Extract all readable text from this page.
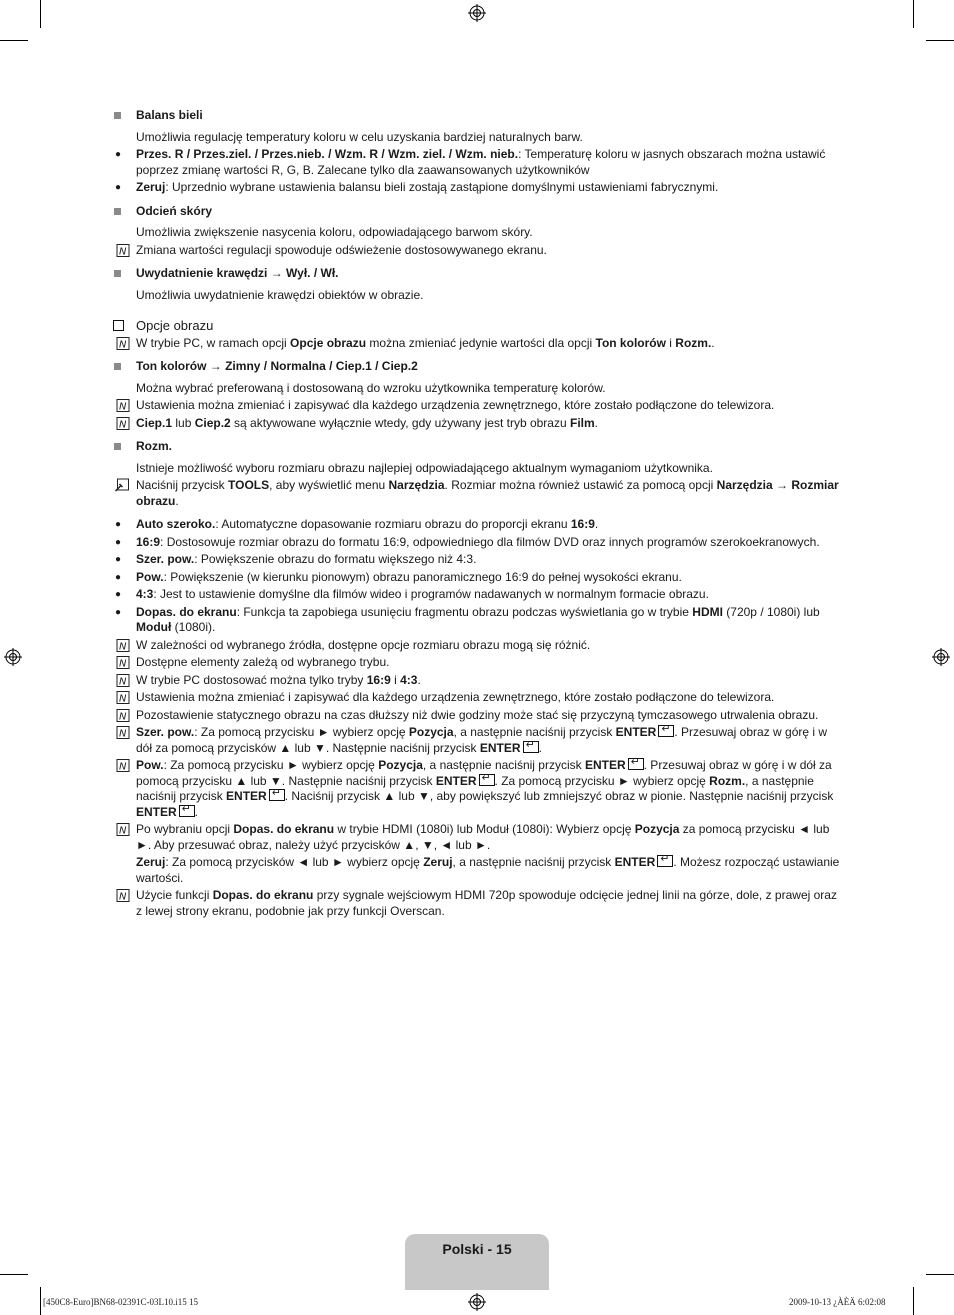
Balans bieli
Umożliwia regulację temperatury koloru w celu uzyskania bardziej naturalnych barw.
●	Przes. R / Przes.ziel. / Przes.nieb. / Wzm. R / Wzm. ziel. / Wzm. nieb.: Temperaturę koloru w jasnych obszarach można ustawić poprzez zmianę wartości R, G, B. Zalecane tylko dla zaawansowanych użytkowników
●	Zeruj: Uprzednio wybrane ustawienia balansu bieli zostają zastąpione domyślnymi ustawieniami fabrycznymi.
Odcień skóry
Umożliwia zwiększenie nasycenia koloru, odpowiadającego barwom skóry.
N Zmiana wartości regulacji spowoduje odświeżenie dostosowywanego ekranu.
Uwydatnienie krawędzi → Wył. / Wł.
Umożliwia uwydatnienie krawędzi obiektów w obrazie.
Opcje obrazu
N W trybie PC, w ramach opcji Opcje obrazu można zmieniać jedynie wartości dla opcji Ton kolorów i Rozm..
Ton kolorów → Zimny / Normalna / Ciep.1 / Ciep.2
Można wybrać preferowaną i dostosowaną do wzroku użytkownika temperaturę kolorów.
N Ustawienia można zmieniać i zapisywać dla każdego urządzenia zewnętrznego, które zostało podłączone do telewizora.
N Ciep.1 lub Ciep.2 są aktywowane wyłącznie wtedy, gdy używany jest tryb obrazu Film.
Rozm.
Istnieje możliwość wyboru rozmiaru obrazu najlepiej odpowiadającego aktualnym wymaganiom użytkownika.
Naciśnij przycisk TOOLS, aby wyświetlić menu Narzędzia. Rozmiar można również ustawić za pomocą opcji Narzędzia → Rozmiar obrazu.
●	Auto szeroko.: Automatyczne dopasowanie rozmiaru obrazu do proporcji ekranu 16:9.
●	16:9: Dostosowuje rozmiar obrazu do formatu 16:9, odpowiedniego dla filmów DVD oraz innych programów szerokoekranowych.
●	Szer. pow.: Powiększenie obrazu do formatu większego niż 4:3.
●	Pow.: Powiększenie (w kierunku pionowym) obrazu panoramicznego 16:9 do pełnej wysokości ekranu.
●	4:3: Jest to ustawienie domyślne dla filmów wideo i programów nadawanych w normalnym formacie obrazu.
●	Dopas. do ekranu: Funkcja ta zapobiega usunięciu fragmentu obrazu podczas wyświetlania go w trybie HDMI (720p / 1080i) lub Moduł (1080i).
N W zależności od wybranego źródła, dostępne opcje rozmiaru obrazu mogą się różnić.
N Dostępne elementy zależą od wybranego trybu.
N W trybie PC dostosować można tylko tryby 16:9 i 4:3.
N Ustawienia można zmieniać i zapisywać dla każdego urządzenia zewnętrznego, które zostało podłączone do telewizora.
N Pozostawienie statycznego obrazu na czas dłuższy niż dwie godziny może stać się przyczyną tymczasowego utrwalenia obrazu.
N Szer. pow.: Za pomocą przycisku ► wybierz opcję Pozycja, a następnie naciśnij przycisk ENTER ↵ . Przesuwaj obraz w górę i w dół za pomocą przycisków ▲ lub ▼. Następnie naciśnij przycisk ENTER ↵ .
N Pow.: Za pomocą przycisku ► wybierz opcję Pozycja, a następnie naciśnij przycisk ENTER ↵ . Przesuwaj obraz w górę i w dół za pomocą przycisku ▲ lub ▼. Następnie naciśnij przycisk ENTER ↵ . Za pomocą przycisku ► wybierz opcję Rozm., a następnie naciśnij przycisk ENTER ↵ . Naciśnij przycisk ▲ lub ▼, aby powiększyć lub zmniejszyć obraz w pionie. Następnie naciśnij przycisk ENTER ↵ .
N Po wybraniu opcji Dopas. do ekranu w trybie HDMI (1080i) lub Moduł (1080i): Wybierz opcję Pozycja za pomocą przycisku ◄ lub ►. Aby przesuwać obraz, należy użyć przycisków ▲, ▼, ◄ lub ►.
Zeruj: Za pomocą przycisków ◄ lub ► wybierz opcję Zeruj, a następnie naciśnij przycisk ENTER ↵ . Możesz rozpocząć ustawianie wartości.
N Użycie funkcji Dopas. do ekranu przy sygnale wejściowym HDMI 720p spowoduje odcięcie jednej linii na górze, dole, z prawej oraz z lewej strony ekranu, podobnie jak przy funkcji Overscan.
Polski - 15
[450C8-Euro]BN68-02391C-03L10.i15 15	2009-10-13 ¿ÀÈÄ 6:02:08
